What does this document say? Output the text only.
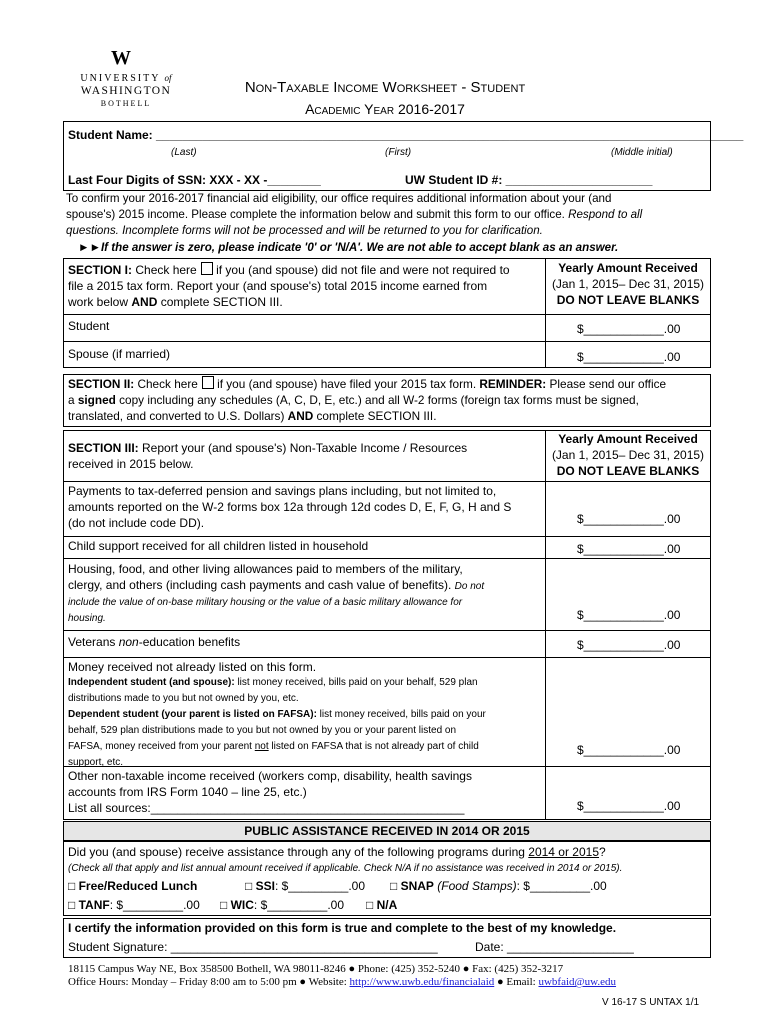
W
UNIVERSITY of
WASHINGTON
BOTHELL
Non-Taxable Income Worksheet - Student
Academic Year 2016-2017
Student Name: ________________________________________________________________________________________
(Last)	(First)	(Middle initial)
Last Four Digits of SSN: XXX - XX -________	UW Student ID #: ______________________
To confirm your 2016-2017 financial aid eligibility, our office requires additional information about your (and
spouse's) 2015 income. Please complete the information below and submit this form to our office. Respond to all
questions. Incomplete forms will not be processed and will be returned to you for clarification.
►►If the answer is zero, please indicate '0' or 'N/A'. We are not able to accept blank as an answer.
SECTION I: Check here if you (and spouse) did not file and were not required to
file a 2015 tax form. Report your (and spouse's) total 2015 income earned from
work below AND complete SECTION III.
Yearly Amount Received
(Jan 1, 2015– Dec 31, 2015)
DO NOT LEAVE BLANKS
Student	$____________.00
Spouse (if married)	$____________.00
SECTION II: Check here if you (and spouse) have filed your 2015 tax form. REMINDER: Please send our office
a signed copy including any schedules (A, C, D, E, etc.) and all W-2 forms (foreign tax forms must be signed,
translated, and converted to U.S. Dollars) AND complete SECTION III.
SECTION III: Report your (and spouse's) Non-Taxable Income / Resources
received in 2015 below.
Yearly Amount Received
(Jan 1, 2015– Dec 31, 2015)
DO NOT LEAVE BLANKS
Payments to tax-deferred pension and savings plans including, but not limited to,
amounts reported on the W-2 forms box 12a through 12d codes D, E, F, G, H and S
(do not include code DD).	$____________.00
Child support received for all children listed in household	$____________.00
Housing, food, and other living allowances paid to members of the military,
clergy, and others (including cash payments and cash value of benefits). Do not
include the value of on-base military housing or the value of a basic military allowance for
housing.	$____________.00
Veterans non-education benefits	$____________.00
Money received not already listed on this form.
Independent student (and spouse): list money received, bills paid on your behalf, 529 plan
distributions made to you but not owned by you, etc.
Dependent student (your parent is listed on FAFSA): list money received, bills paid on your
behalf, 529 plan distributions made to you but not owned by you or your parent listed on
FAFSA, money received from your parent not listed on FAFSA that is not already part of child
support, etc.
$____________.00
Other non-taxable income received (workers comp, disability, health savings
accounts from IRS Form 1040 – line 25, etc.)
List all sources:_______________________________________________	$____________.00
PUBLIC ASSISTANCE RECEIVED IN 2014 OR 2015
Did you (and spouse) receive assistance through any of the following programs during 2014 or 2015?
(Check all that apply and list annual amount received if applicable. Check N/A if no assistance was received in 2014 or 2015).
□ Free/Reduced Lunch	□ SSI: $_________.00 □ SNAP (Food Stamps): $_________.00
□ TANF: $_________.00 □ WIC: $_________.00 □ N/A
I certify the information provided on this form is true and complete to the best of my knowledge.
Student Signature: ________________________________________	Date: ___________________
18115 Campus Way NE, Box 358500 Bothell, WA 98011-8246 ● Phone: (425) 352-5240 ● Fax: (425) 352-3217
Office Hours: Monday – Friday 8:00 am to 5:00 pm ● Website: http://www.uwb.edu/financialaid ● Email: uwbfaid@uw.edu
V 16-17 S UNTAX 1/1
